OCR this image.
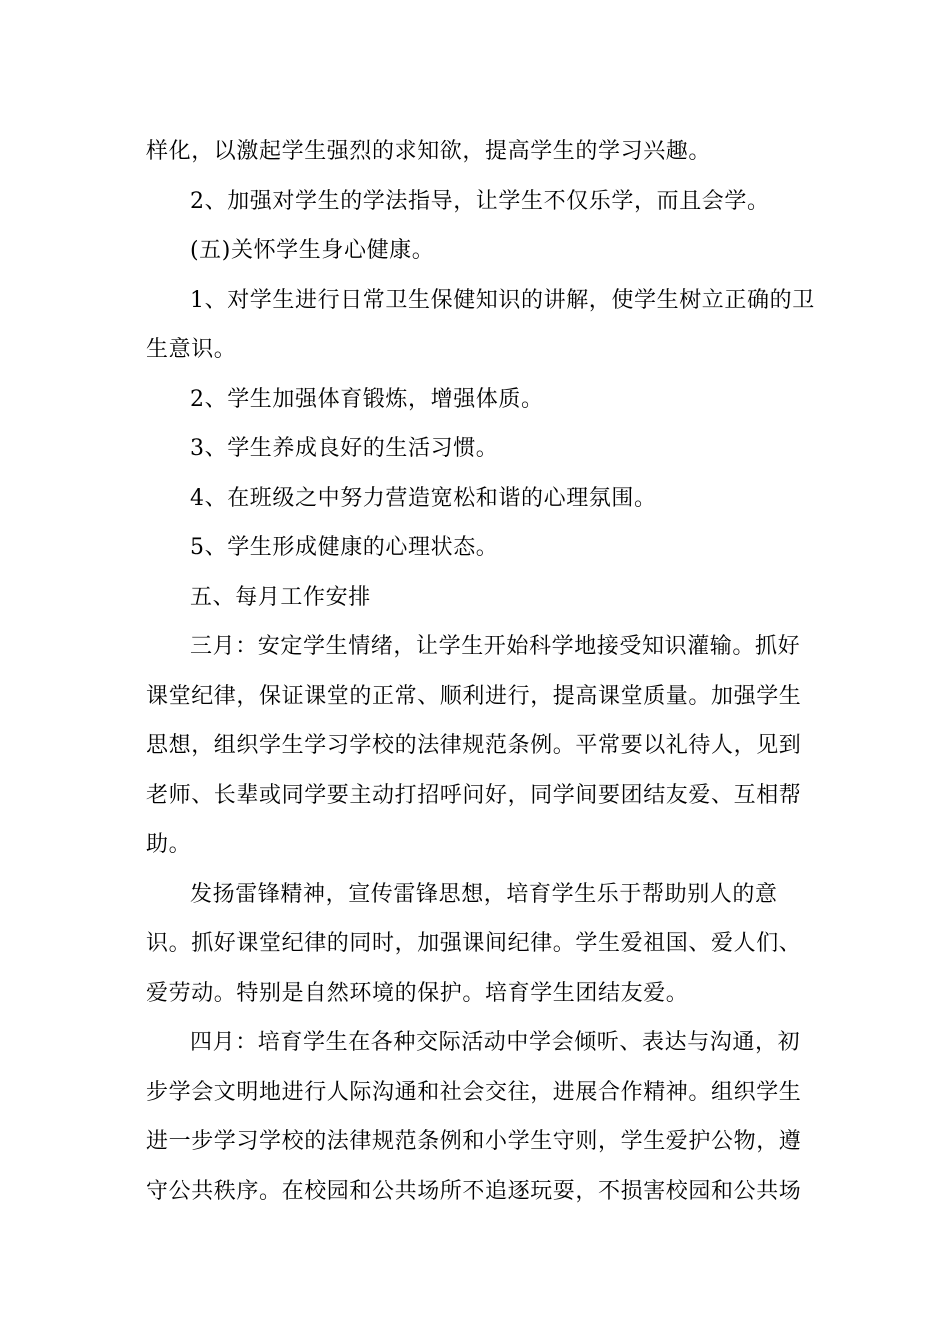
样化，以激起学生强烈的求知欲，提高学生的学习兴趣。

2、加强对学生的学法指导，让学生不仅乐学，而且会学。

(五)关怀学生身心健康。

1、对学生进行日常卫生保健知识的讲解，使学生树立正确的卫生意识。

2、学生加强体育锻炼，增强体质。

3、学生养成良好的生活习惯。

4、在班级之中努力营造宽松和谐的心理氛围。

5、学生形成健康的心理状态。

五、每月工作安排

三月：安定学生情绪，让学生开始科学地接受知识灌输。抓好课堂纪律，保证课堂的正常、顺利进行，提高课堂质量。加强学生思想，组织学生学习学校的法律规范条例。平常要以礼待人，见到老师、长辈或同学要主动打招呼问好，同学间要团结友爱、互相帮助。

发扬雷锋精神，宣传雷锋思想，培育学生乐于帮助别人的意识。抓好课堂纪律的同时，加强课间纪律。学生爱祖国、爱人们、爱劳动。特别是自然环境的保护。培育学生团结友爱。

四月：培育学生在各种交际活动中学会倾听、表达与沟通，初步学会文明地进行人际沟通和社会交往，进展合作精神。组织学生进一步学习学校的法律规范条例和小学生守则，学生爱护公物，遵守公共秩序。在校园和公共场所不追逐玩耍，不损害校园和公共场
